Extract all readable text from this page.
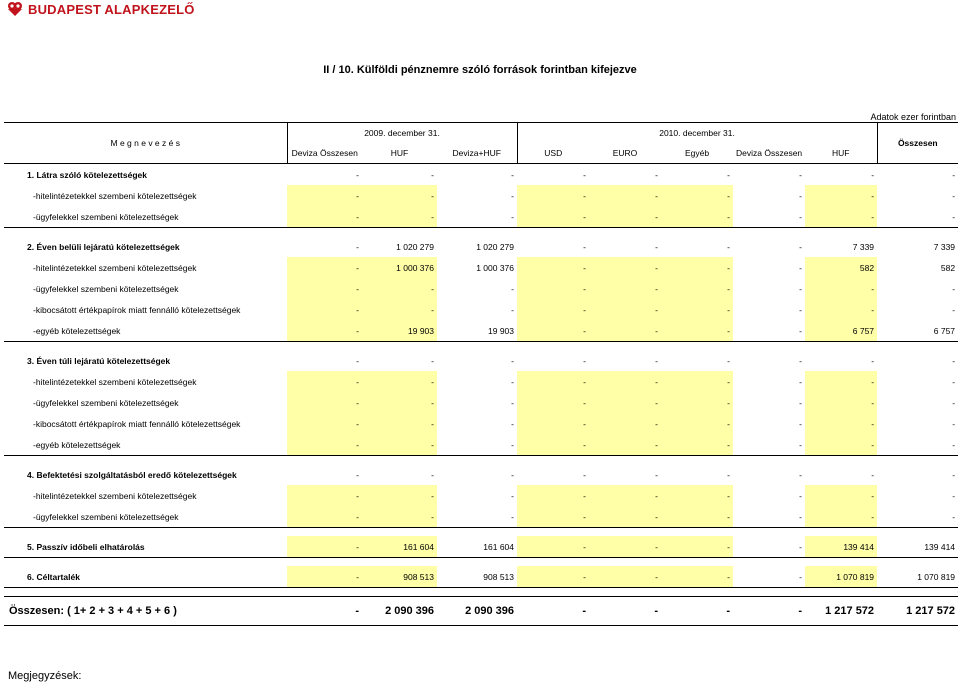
BUDAPEST ALAPKEZELŐ
II / 10. Külföldi pénznemre szóló források forintban kifejezve
Adatok ezer forintban
M e g n e v e z é s	2009. december 31.			2010. december 31.					Összesen
	Deviza Összesen	HUF	Deviza+HUF	USD	EURO	Egyéb	Deviza Összesen	HUF	
1. Látra szóló kötelezettségek	-	-	-	-	-	-	-	-	-
-hitelintézetekkel szembeni kötelezettségek	-	-	-	-	-	-	-	-	-
-ügyfelekkel szembeni kötelezettségek	-	-	-	-	-	-	-	-	-

2. Éven belüli lejáratú kötelezettségek	-	1 020 279	1 020 279	-	-	-	-	7 339	7 339
-hitelintézetekkel szembeni kötelezettségek	-	1 000 376	1 000 376	-	-	-	-	582	582
-ügyfelekkel szembeni kötelezettségek	-	-	-	-	-	-	-	-	-
-kibocsátott értékpapírok miatt fennálló kötelezettségek	-	-	-	-	-	-	-	-	-
-egyéb kötelezettségek	-	19 903	19 903	-	-	-	-	6 757	6 757

3. Éven túli lejáratú kötelezettségek	-	-	-	-	-	-	-	-	-
-hitelintézetekkel szembeni kötelezettségek	-	-	-	-	-	-	-	-	-
-ügyfelekkel szembeni kötelezettségek	-	-	-	-	-	-	-	-	-
-kibocsátott értékpapírok miatt fennálló kötelezettségek	-	-	-	-	-	-	-	-	-
-egyéb kötelezettségek	-	-	-	-	-	-	-	-	-

4. Befektetési szolgáltatásból eredő kötelezettségek	-	-	-	-	-	-	-	-	-
-hitelintézetekkel szembeni kötelezettségek	-	-	-	-	-	-	-	-	-
-ügyfelekkel szembeni kötelezettségek	-	-	-	-	-	-	-	-	-

5. Passzív időbeli elhatárolás	-	161 604	161 604	-	-	-	-	139 414	139 414

6. Céltartalék	-	908 513	908 513	-	-	-	-	1 070 819	1 070 819

Összesen: ( 1+ 2 + 3 + 4 + 5 + 6 )	-	2 090 396	2 090 396	-	-	-	-	1 217 572	1 217 572
Megjegyzések:
